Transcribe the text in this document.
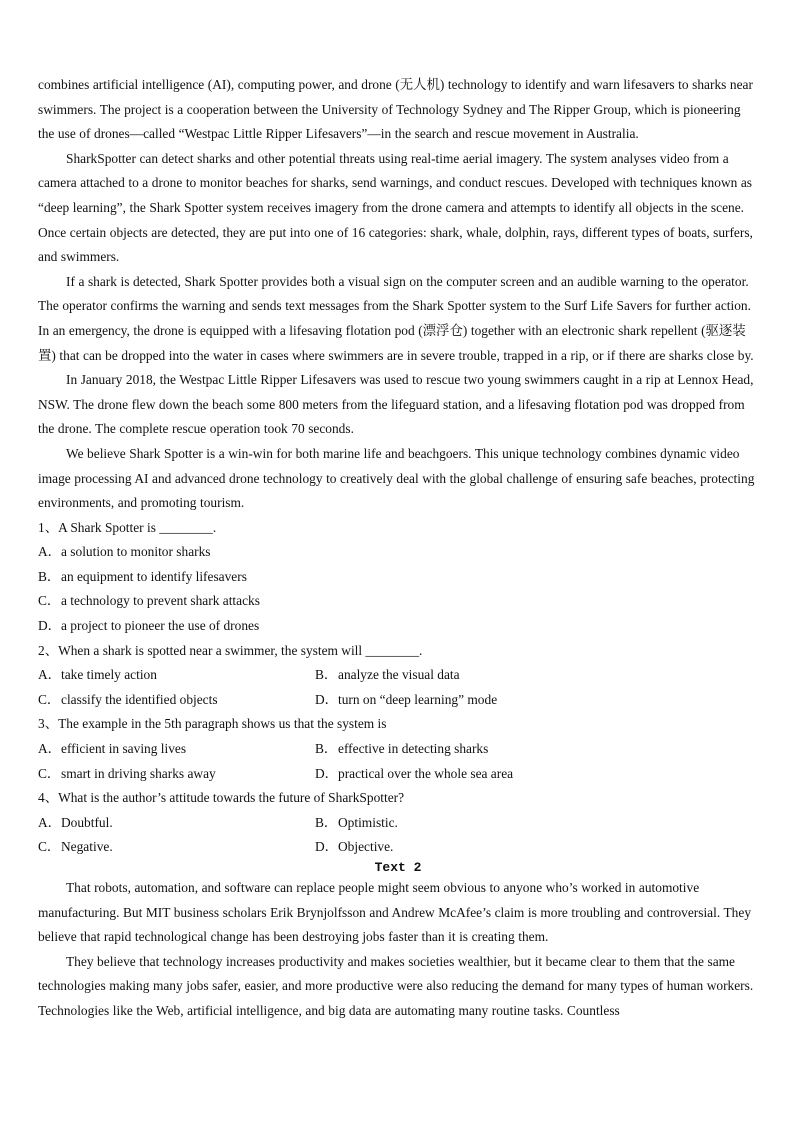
combines artificial intelligence (AI), computing power, and drone (无人机) technology to identify and warn lifesavers to sharks near swimmers. The project is a cooperation between the University of Technology Sydney and The Ripper Group, which is pioneering the use of drones—called “Westpac Little Ripper Lifesavers”—in the search and rescue movement in Australia.

SharkSpotter can detect sharks and other potential threats using real-time aerial imagery. The system analyses video from a camera attached to a drone to monitor beaches for sharks, send warnings, and conduct rescues. Developed with techniques known as “deep learning”, the Shark Spotter system receives imagery from the drone camera and attempts to identify all objects in the scene. Once certain objects are detected, they are put into one of 16 categories: shark, whale, dolphin, rays, different types of boats, surfers, and swimmers.

If a shark is detected, Shark Spotter provides both a visual sign on the computer screen and an audible warning to the operator. The operator confirms the warning and sends text messages from the Shark Spotter system to the Surf Life Savers for further action. In an emergency, the drone is equipped with a lifesaving flotation pod (漂浮仓) together with an electronic shark repellent (驱逐装置) that can be dropped into the water in cases where swimmers are in severe trouble, trapped in a rip, or if there are sharks close by.

In January 2018, the Westpac Little Ripper Lifesavers was used to rescue two young swimmers caught in a rip at Lennox Head, NSW. The drone flew down the beach some 800 meters from the lifeguard station, and a lifesaving flotation pod was dropped from the drone. The complete rescue operation took 70 seconds.

We believe Shark Spotter is a win-win for both marine life and beachgoers. This unique technology combines dynamic video image processing AI and advanced drone technology to creatively deal with the global challenge of ensuring safe beaches, protecting environments, and promoting tourism.

1、A Shark Spotter is ________.

A．a solution to monitor sharks
B．an equipment to identify lifesavers
C．a technology to prevent shark attacks
D．a project to pioneer the use of drones

2、When a shark is spotted near a swimmer, the system will ________.

A．take timely action	B．analyze the visual data
C．classify the identified objects	D．turn on “deep learning” mode

3、The example in the 5th paragraph shows us that the system is

A．efficient in saving lives	B．effective in detecting sharks
C．smart in driving sharks away	D．practical over the whole sea area

4、What is the author’s attitude towards the future of SharkSpotter?

A．Doubtful.	B．Optimistic.
C．Negative.	D．Objective.
Text 2

That robots, automation, and software can replace people might seem obvious to anyone who’s worked in automotive manufacturing. But MIT business scholars Erik Brynjolfsson and Andrew McAfee’s claim is more troubling and controversial. They believe that rapid technological change has been destroying jobs faster than it is creating them.

They believe that technology increases productivity and makes societies wealthier, but it became clear to them that the same technologies making many jobs safer, easier, and more productive were also reducing the demand for many types of human workers. Technologies like the Web, artificial intelligence, and big data are automating many routine tasks. Countless
